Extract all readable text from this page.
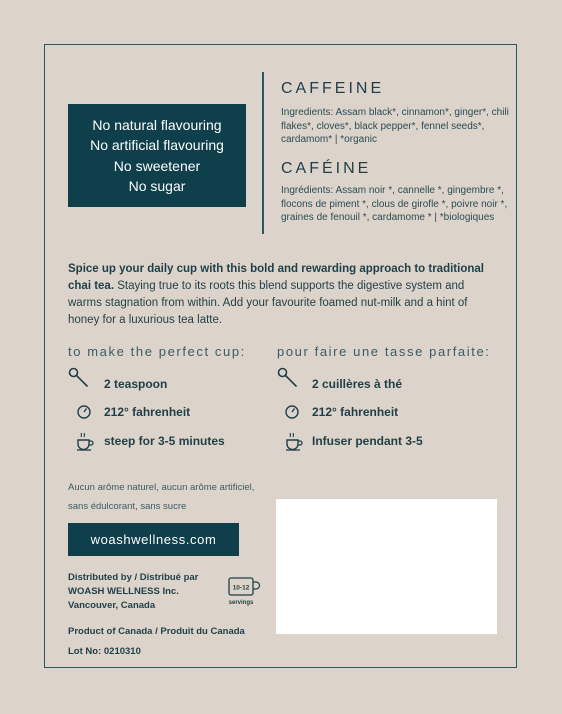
No natural flavouring
No artificial flavouring
No sweetener
No sugar
CAFFEINE
Ingredients: Assam black*, cinnamon*, ginger*, chili flakes*, cloves*, black pepper*, fennel seeds*, cardamom* | *organic
CAFÉINE
Ingrédients: Assam noir *, cannelle *, gingembre *, flocons de piment *, clous de girofle *, poivre noir *, graines de fenouil *, cardamome * | *biologiques
Spice up your daily cup with this bold and rewarding approach to traditional chai tea. Staying true to its roots this blend supports the digestive system and warms stagnation from within. Add your favourite foamed nut-milk and a hint of honey for a luxurious tea latte.
to make the perfect cup: pour faire une tasse parfaite:
2 teaspoon
212° fahrenheit
steep for 3-5 minutes
2 cuillères à thé
212° fahrenheit
Infuser pendant 3-5
Aucun arôme naturel, aucun arôme artificiel, sans édulcorant, sans sucre
woashwellness.com
Distributed by / Distribué par
WOASH WELLNESS Inc.
Vancouver, Canada
10-12
servings
Product of Canada / Produit du Canada
Lot No: 0210310
